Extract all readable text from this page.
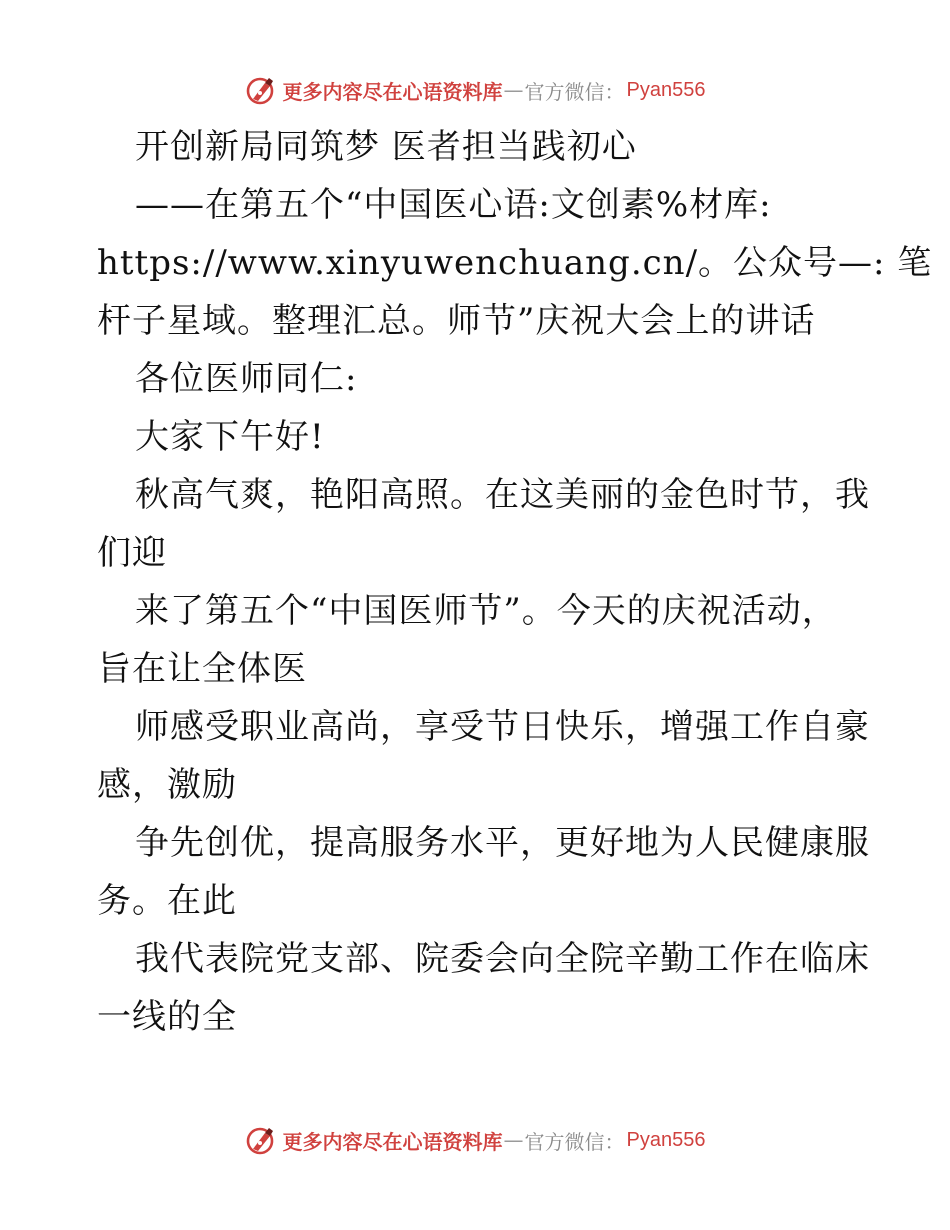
更多内容尽在心语资料库 — 官方微信： Pyan556
开创新局同筑梦 医者担当践初心
——在第五个“中国医心语:文创素%材库:
https://www.xinyuwenchuang.cn/。公众号—: 笔
杆子星域。整理汇总。师节”庆祝大会上的讲话
各位医师同仁:
大家下午好!
秋高气爽，艳阳高照。在这美丽的金色时节，我
们迎
来了第五个“中国医师节”。今天的庆祝活动，
旨在让全体医
师感受职业高尚，享受节日快乐，增强工作自豪
感，激励
争先创优，提高服务水平，更好地为人民健康服
务。在此
我代表院党支部、院委会向全院辛勤工作在临床
一线的全
更多内容尽在心语资料库 — 官方微信： Pyan556
